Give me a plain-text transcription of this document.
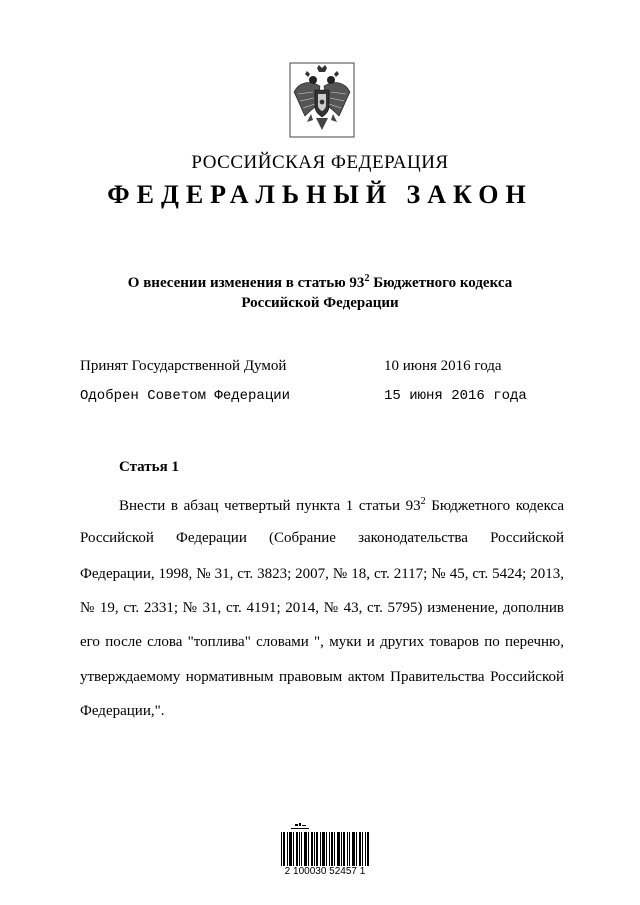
РОССИЙСКАЯ ФЕДЕРАЦИЯ
ФЕДЕРАЛЬНЫЙ ЗАКОН
О внесении изменения в статью $93^2$ Бюджетного кодекса
Российской Федерации
Принят Государственной Думой	10 июня 2016 года
Одобрен Советом Федерации	15 июня 2016 года
Статья 1
Внести в абзац четвертый пункта 1 статьи $93^2$ Бюджетного кодекса
Российской Федерации (Собрание законодательства Российской
Федерации, 1998, № 31, ст. 3823; 2007, № 18, ст. 2117; № 45, ст. 5424; 2013,
№ 19, ст. 2331; № 31, ст. 4191; 2014, № 43, ст. 5795) изменение, дополнив
его после слова "топлива" словами ", муки и других товаров по перечню,
утверждаемому нормативным правовым актом Правительства Российской
Федерации,".
2 100030 52457 1
